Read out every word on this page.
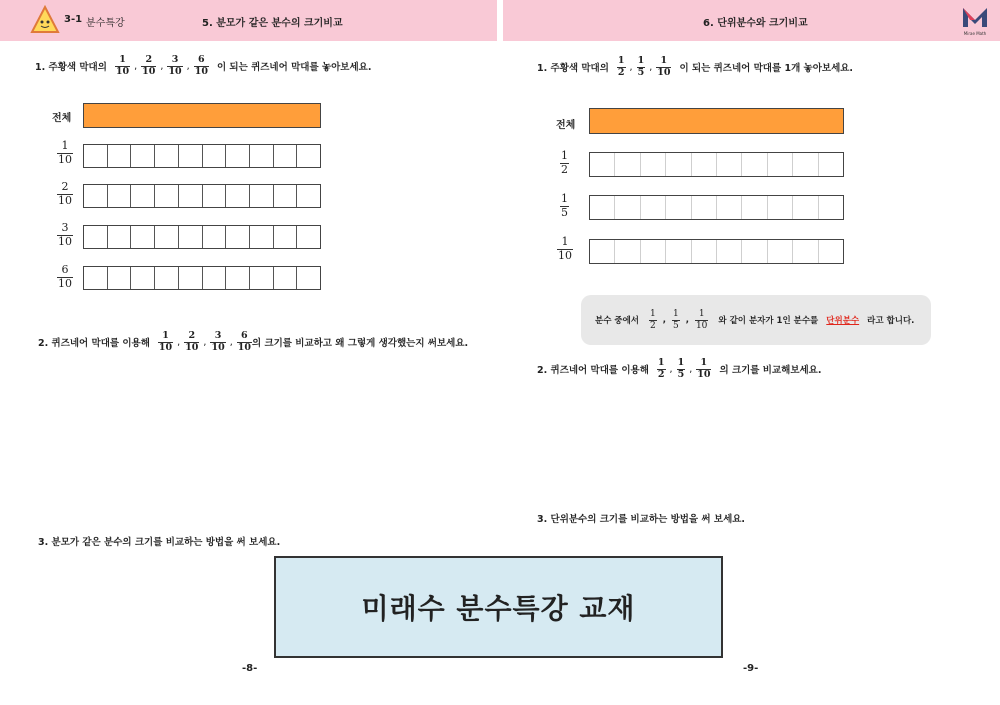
3-1 분수특강	5. 분모가 같은 분수의 크기비교	6. 단위분수와 크기비교
Mirae Math
1. 주황색 막대의 $\frac{1}{10}$ , $\frac{2}{10}$ , $\frac{3}{10}$ , $\frac{6}{10}$ 이 되는 퀴즈네어 막대를 놓아보세요.
전체
$\frac{1}{10}$
$\frac{2}{10}$
$\frac{3}{10}$
$\frac{6}{10}$
2. 퀴즈네어 막대를 이용해 $\frac{1}{10}$ , $\frac{2}{10}$ , $\frac{3}{10}$ , $\frac{6}{10}$ 의 크기를 비교하고 왜 그렇게 생각했는지 써보세요.
3. 분모가 같은 분수의 크기를 비교하는 방법을 써 보세요.
1. 주황색 막대의 $\frac{1}{2}$ , $\frac{1}{5}$ , $\frac{1}{10}$ 이 되는 퀴즈네어 막대를 1개 놓아보세요.
전체
$\frac{1}{2}$
$\frac{1}{5}$
$\frac{1}{10}$
분수 중에서 $\frac{1}{2}$ , $\frac{1}{5}$ , $\frac{1}{10}$ 와 같이 분자가 1인 분수를 단위분수 라고 합니다.
2. 퀴즈네어 막대를 이용해 $\frac{1}{2}$ , $\frac{1}{5}$ , $\frac{1}{10}$ 의 크기를 비교해보세요.
3. 단위분수의 크기를 비교하는 방법을 써 보세요.
미래수 분수특강 교재
-8-	-9-
